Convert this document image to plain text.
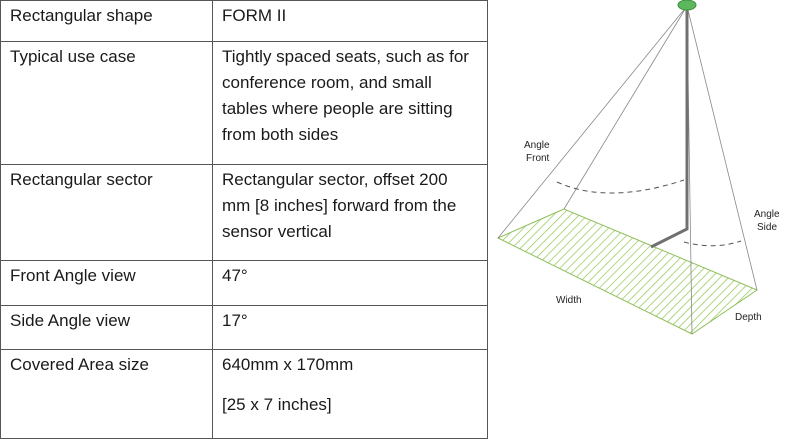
Rectangular shape	FORM II

Typical use case	Tightly spaced seats, such as for conference room, and small tables where people are sitting from both sides

Rectangular sector	Rectangular sector, offset 200 mm [8 inches] forward from the sensor vertical

Front Angle view	47°

Side Angle view	17°

Covered Area size	640mm x 170mm
[25 x 7 inches]
Angle
Front
Angle
Side
Width
Depth
